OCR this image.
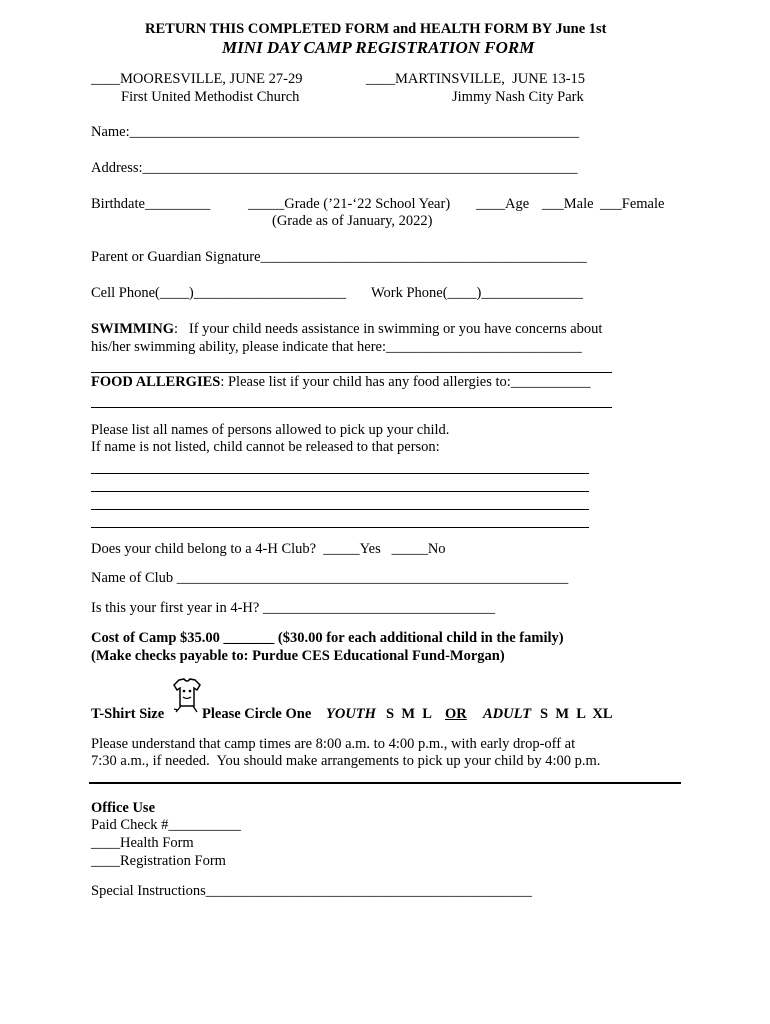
RETURN THIS COMPLETED FORM and HEALTH FORM BY June 1st
MINI DAY CAMP REGISTRATION FORM
____MOORESVILLE, JUNE 27-29
First United Methodist Church
____MARTINSVILLE,  JUNE 13-15
Jimmy Nash City Park
Name:______________________________________________________________
Address:____________________________________________________________
Birthdate_________	_____Grade (’21-‘22 School Year)
(Grade as of January, 2022)
____Age ___Male ___Female
Parent or Guardian Signature_____________________________________________
Cell Phone(____)_____________________ Work Phone(____)______________
SWIMMING:   If your child needs assistance in swimming or you have concerns about
his/her swimming ability, please indicate that here:___________________________
FOOD ALLERGIES: Please list if your child has any food allergies to:___________
Please list all names of persons allowed to pick up your child.
If name is not listed, child cannot be released to that person:
Does your child belong to a 4-H Club?  _____Yes   _____No
Name of Club ______________________________________________________
Is this your first year in 4-H? ________________________________
Cost of Camp $35.00 _______ ($30.00 for each additional child in the family)
(Make checks payable to: Purdue CES Educational Fund-Morgan)
T-Shirt Size	Please Circle One YOUTH S  M  L OR ADULT S  M  L  XL
Please understand that camp times are 8:00 a.m. to 4:00 p.m., with early drop-off at
7:30 a.m., if needed.  You should make arrangements to pick up your child by 4:00 p.m.
Office Use
Paid Check #__________
____Health Form
____Registration Form
Special Instructions_____________________________________________
